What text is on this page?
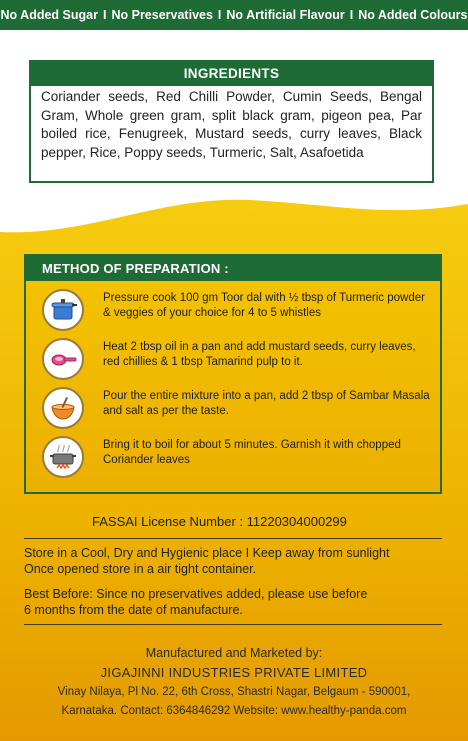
No Added Sugar I No Preservatives I No Artificial Flavour I No Added Colours
INGREDIENTS
Coriander seeds, Red Chilli Powder, Cumin Seeds, Bengal Gram, Whole green gram, split black gram, pigeon pea, Par boiled rice, Fenugreek, Mustard seeds, curry leaves, Black pepper, Rice, Poppy seeds, Turmeric, Salt, Asafoetida
METHOD OF PREPARATION :
Pressure cook 100 gm Toor dal with ½ tbsp of Turmeric powder & veggies of your choice for 4 to 5 whistles
Heat 2 tbsp oil in a pan and add mustard seeds, curry leaves, red chillies & 1 tbsp Tamarind pulp to it.
Pour the entire mixture into a pan, add 2 tbsp of Sambar Masala and salt as per the taste.
Bring it to boil for about 5 minutes. Garnish it with chopped Coriander leaves
FASSAI License Number : 11220304000299
Store in a Cool, Dry and Hygienic place I Keep away from sunlight
Once opened store in a air tight container.
Best Before: Since no preservatives added, please use before
6 months from the date of manufacture.
Manufactured and Marketed by:
JIGAJINNI INDUSTRIES PRIVATE LIMITED
Vinay Nilaya, Pl No. 22, 6th Cross, Shastri Nagar, Belgaum - 590001,
Karnataka. Contact: 6364846292 Website: www.healthy-panda.com
